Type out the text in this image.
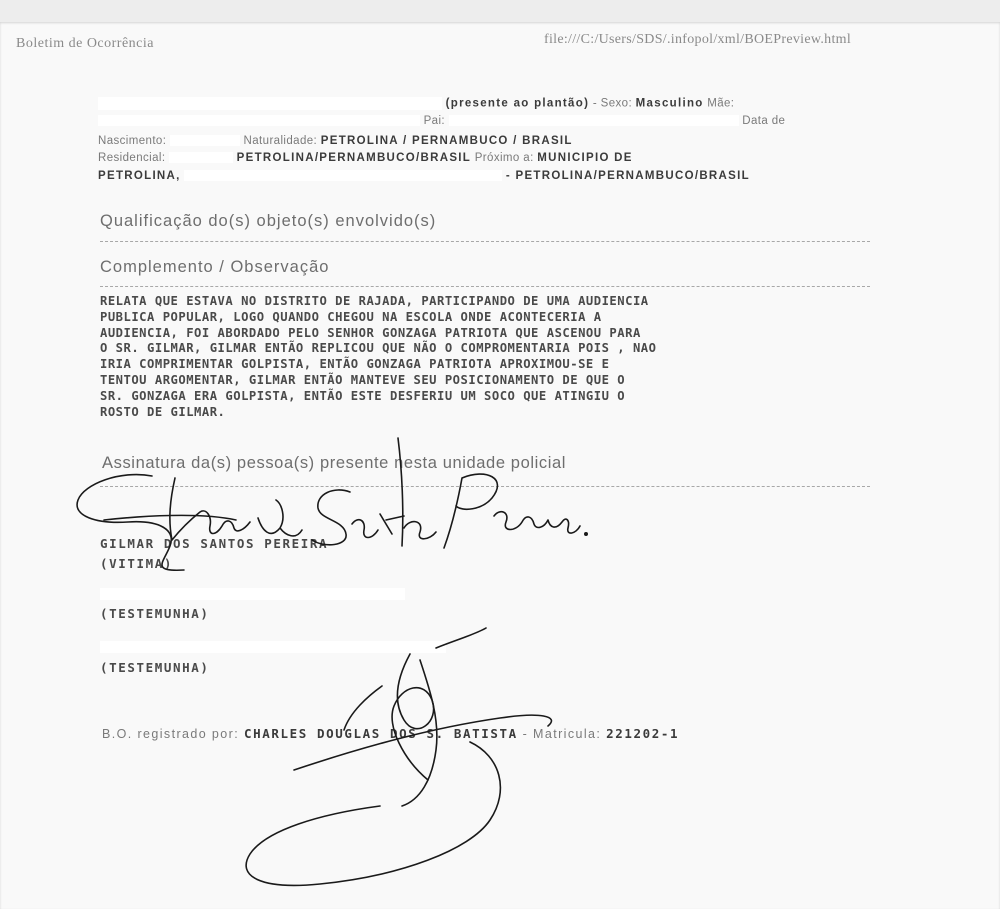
Boletim de Ocorrência	file:///C:/Users/SDS/.infopol/xml/BOEPreview.html
(presente ao plantão) - Sexo: Masculino Mãe:
Pai:	Data de
Nascimento:	Naturalidade: PETROLINA / PERNAMBUCO / BRASIL
Residencial:	PETROLINA/PERNAMBUCO/BRASIL Próximo a: MUNICIPIO DE
PETROLINA,	- PETROLINA/PERNAMBUCO/BRASIL
Qualificação do(s) objeto(s) envolvido(s)
Complemento / Observação
RELATA QUE ESTAVA NO DISTRITO DE RAJADA, PARTICIPANDO DE UMA AUDIENCIA
PUBLICA POPULAR, LOGO QUANDO CHEGOU NA ESCOLA ONDE ACONTECERIA A
AUDIENCIA, FOI ABORDADO PELO SENHOR GONZAGA PATRIOTA QUE ASCENOU PARA
O SR. GILMAR, GILMAR ENTÃO REPLICOU QUE NÃO O COMPROMENTARIA POIS , NAO
IRIA COMPRIMENTAR GOLPISTA, ENTÃO GONZAGA PATRIOTA APROXIMOU-SE E
TENTOU ARGOMENTAR, GILMAR ENTÃO MANTEVE SEU POSICIONAMENTO DE QUE O
SR. GONZAGA ERA GOLPISTA, ENTÃO ESTE DESFERIU UM SOCO QUE ATINGIU O
ROSTO DE GILMAR.
Assinatura da(s) pessoa(s) presente nesta unidade policial
GILMAR DOS SANTOS PEREIRA
(VITIMA)
(TESTEMUNHA)
(TESTEMUNHA)
B.O. registrado por: CHARLES DOUGLAS DOS S. BATISTA - Matricula: 221202-1
